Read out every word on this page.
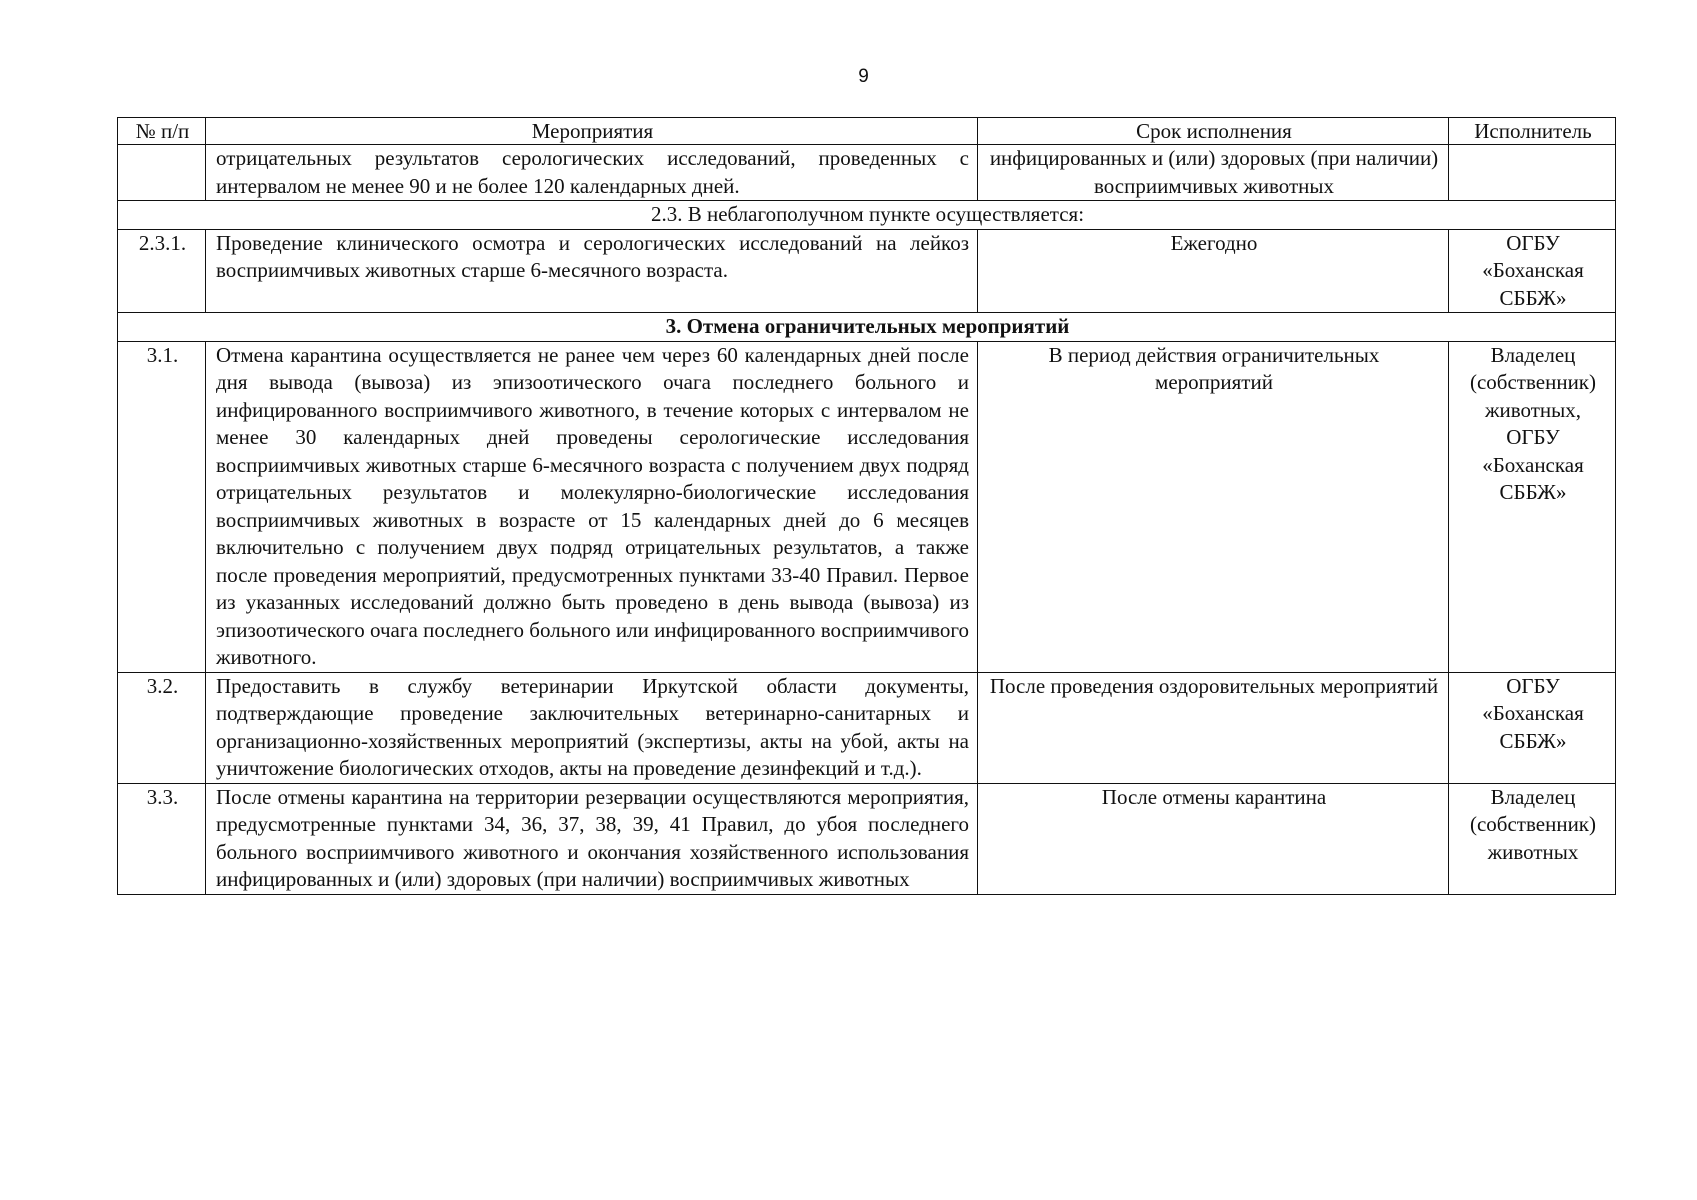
9
№ п/п	Мероприятия	Срок исполнения	Исполнитель
	отрицательных результатов серологических исследований, проведенных с интервалом не менее 90 и не более 120 календарных дней.	инфицированных и (или) здоровых (при наличии) восприимчивых животных	
2.3. В неблагополучном пункте осуществляется:			
2.3.1.	Проведение клинического осмотра и серологических исследований на лейкоз восприимчивых животных старше 6-месячного возраста.	Ежегодно	ОГБУ «Боханская СББЖ»
3. Отмена ограничительных мероприятий			
3.1.	Отмена карантина осуществляется не ранее чем через 60 календарных дней после дня вывода (вывоза) из эпизоотического очага последнего больного и инфицированного восприимчивого животного, в течение которых с интервалом не менее 30 календарных дней проведены серологические исследования восприимчивых животных старше 6-месячного возраста с получением двух подряд отрицательных результатов и молекулярно-биологические исследования восприимчивых животных в возрасте от 15 календарных дней до 6 месяцев включительно с получением двух подряд отрицательных результатов, а также после проведения мероприятий, предусмотренных пунктами 33-40 Правил. Первое из указанных исследований должно быть проведено в день вывода (вывоза) из эпизоотического очага последнего больного или инфицированного восприимчивого животного.	В период действия ограничительных мероприятий	Владелец (собственник) животных, ОГБУ «Боханская СББЖ»
3.2.	Предоставить в службу ветеринарии Иркутской области документы, подтверждающие проведение заключительных ветеринарно-санитарных и организационно-хозяйственных мероприятий (экспертизы, акты на убой, акты на уничтожение биологических отходов, акты на проведение дезинфекций и т.д.).	После проведения оздоровительных мероприятий	ОГБУ «Боханская СББЖ»
3.3.	После отмены карантина на территории резервации осуществляются мероприятия, предусмотренные пунктами 34, 36, 37, 38, 39, 41 Правил, до убоя последнего больного восприимчивого животного и окончания хозяйственного использования инфицированных и (или) здоровых (при наличии) восприимчивых животных	После отмены карантина	Владелец (собственник) животных
